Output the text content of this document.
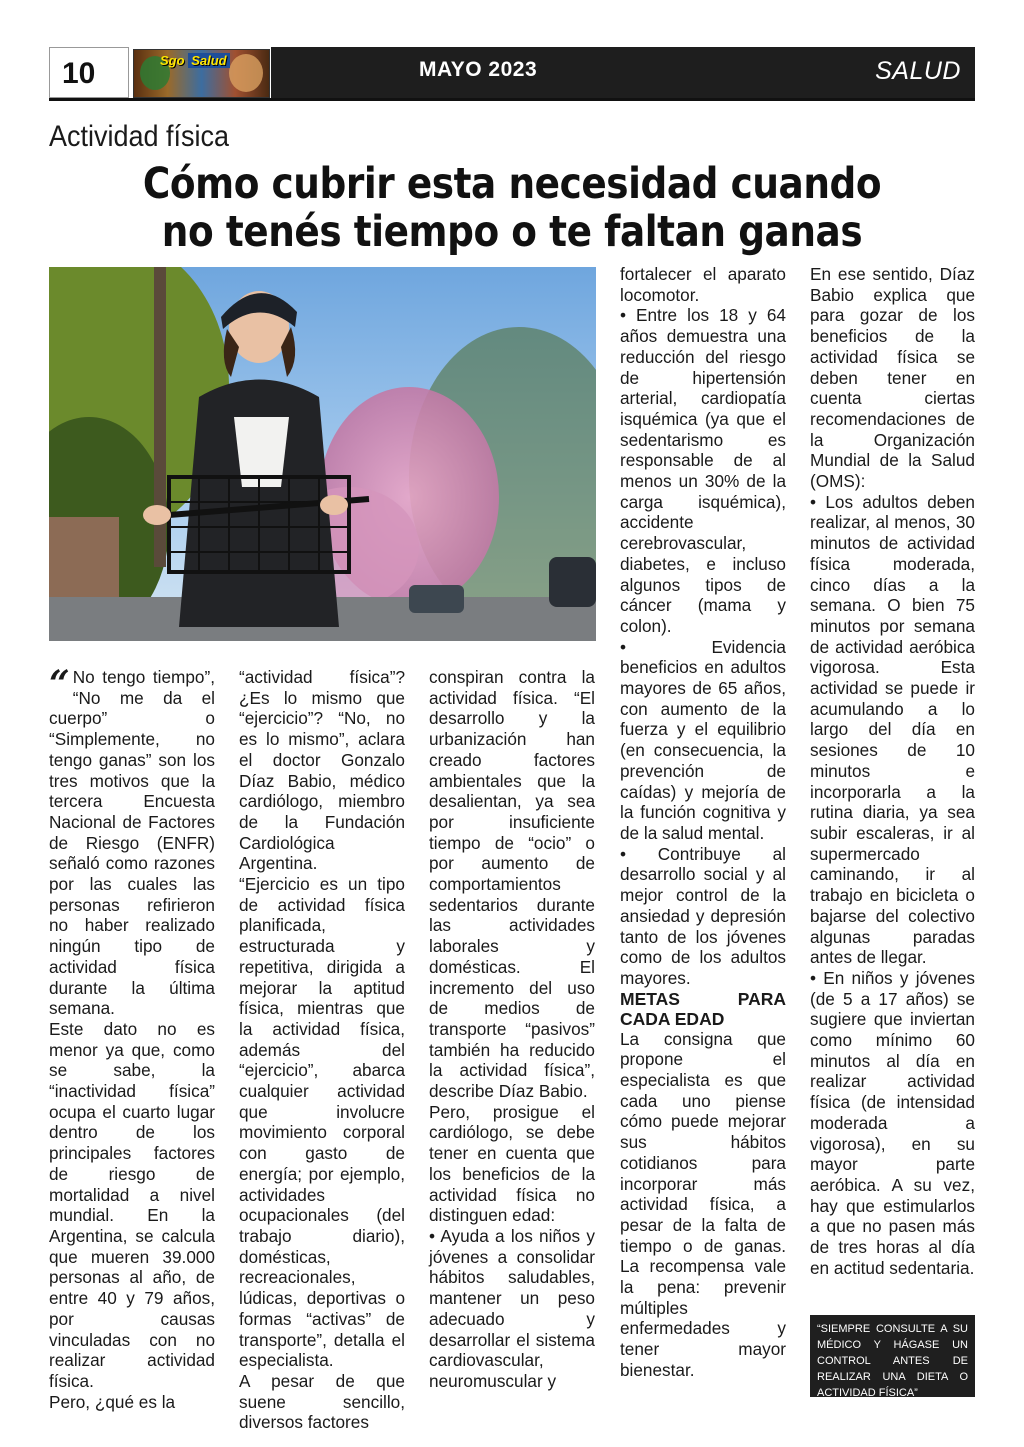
10	Sgo Salud	MAYO 2023	SALUD
Actividad física
Cómo cubrir esta necesidad cuando
no tenés tiempo o te faltan ganas

“ No tengo tiempo”, “No me da el cuerpo” o “Simplemente, no tengo ganas” son los tres motivos que la tercera Encuesta Nacional de Factores de Riesgo (ENFR) señaló como razones por las cuales las personas refirieron no haber realizado ningún tipo de actividad física durante la última semana.

Este dato no es menor ya que, como se sabe, la “inactividad física” ocupa el cuarto lugar dentro de los principales factores de riesgo de mortalidad a nivel mundial. En la Argentina, se calcula que mueren 39.000 personas al año, de entre 40 y 79 años, por causas vinculadas con no realizar actividad física.

Pero, ¿qué es la

“actividad física”? ¿Es lo mismo que “ejercicio”? “No, no es lo mismo”, aclara el doctor Gonzalo Díaz Babio, médico cardiólogo, miembro de la Fundación Cardiológica Argentina.

“Ejercicio es un tipo de actividad física planificada, estructurada y repetitiva, dirigida a mejorar la aptitud física, mientras que la actividad física, además del “ejercicio”, abarca cualquier actividad que involucre movimiento corporal con gasto de energía; por ejemplo, actividades ocupacionales (del trabajo diario), domésticas, recreacionales, lúdicas, deportivas o formas “activas” de transporte”, detalla el especialista.

A pesar de que suene sencillo, diversos factores

conspiran contra la actividad física. “El desarrollo y la urbanización han creado factores ambientales que la desalientan, ya sea por insuficiente tiempo de “ocio” o por aumento de comportamientos sedentarios durante las actividades laborales y domésticas. El incremento del uso de medios de transporte “pasivos” también ha reducido la actividad física”, describe Díaz Babio.

Pero, prosigue el cardiólogo, se debe tener en cuenta que los beneficios de la actividad física no distinguen edad:

• Ayuda a los niños y jóvenes a consolidar hábitos saludables, mantener un peso adecuado y desarrollar el sistema cardiovascular, neuromuscular y

fortalecer el aparato locomotor.

• Entre los 18 y 64 años demuestra una reducción del riesgo de hipertensión arterial, cardiopatía isquémica (ya que el sedentarismo es responsable de al menos un 30% de la carga isquémica), accidente cerebrovascular, diabetes, e incluso algunos tipos de cáncer (mama y colon).

• Evidencia beneficios en adultos mayores de 65 años, con aumento de la fuerza y el equilibrio (en consecuencia, la prevención de caídas) y mejoría de la función cognitiva y de la salud mental.

• Contribuye al desarrollo social y al mejor control de la ansiedad y depresión tanto de los jóvenes como de los adultos mayores.

METAS PARA CADA EDAD

La consigna que propone el especialista es que cada uno piense cómo puede mejorar sus hábitos cotidianos para incorporar más actividad física, a pesar de la falta de tiempo o de ganas. La recompensa vale la pena: prevenir múltiples enfermedades y tener mayor bienestar.

En ese sentido, Díaz Babio explica que para gozar de los beneficios de la actividad física se deben tener en cuenta ciertas recomendaciones de la Organización Mundial de la Salud (OMS):

• Los adultos deben realizar, al menos, 30 minutos de actividad física moderada, cinco días a la semana. O bien 75 minutos por semana de actividad aeróbica vigorosa. Esta actividad se puede ir acumulando a lo largo del día en sesiones de 10 minutos e incorporarla a la rutina diaria, ya sea subir escaleras, ir al supermercado caminando, ir al trabajo en bicicleta o bajarse del colectivo algunas paradas antes de llegar.

• En niños y jóvenes (de 5 a 17 años) se sugiere que inviertan como mínimo 60 minutos al día en realizar actividad física (de intensidad moderada a vigorosa), en su mayor parte aeróbica. A su vez, hay que estimularlos a que no pasen más de tres horas al día en actitud sedentaria.

“SIEMPRE CONSULTE A SU MÉDICO Y HÁGASE UN CONTROL ANTES DE REALIZAR UNA DIETA O ACTIVIDAD FÍSICA”
